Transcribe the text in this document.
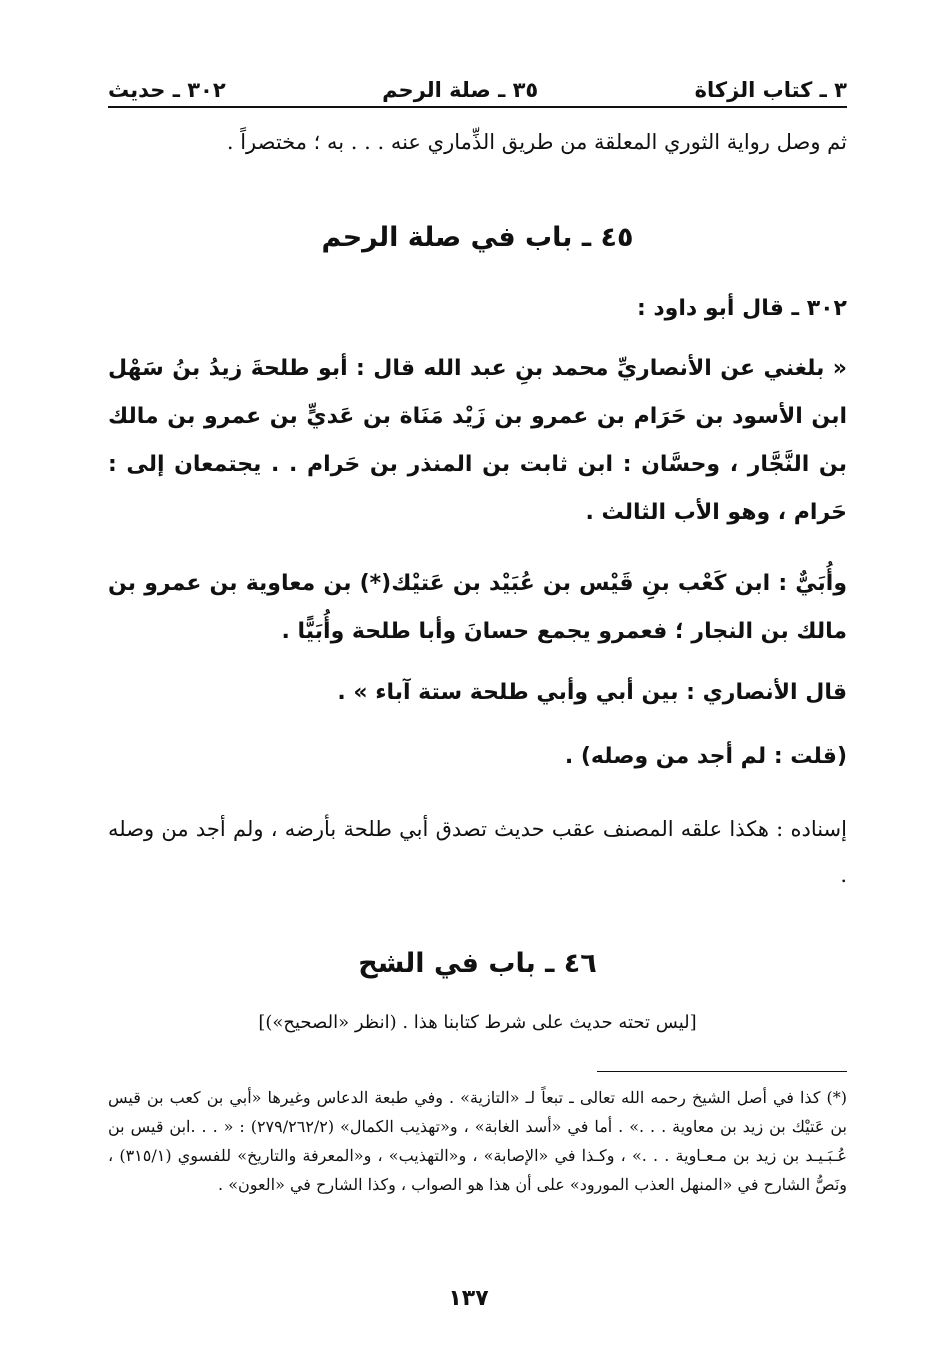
٣ ـ كتاب الزكاة
٣٥ ـ صلة الرحم
٣٠٢ ـ حديث
ثم وصل رواية الثوري المعلقة من طريق الذِّماري عنه . . . به ؛ مختصراً .
٤٥ ـ باب في صلة الرحم
٣٠٢ ـ قال أبو داود :
« بلغني عن الأنصاريِّ محمد بنِ عبد الله قال : أبو طلحةَ زيدُ بنُ سَهْل ابن الأسود بن حَرَام بن عمرو بن زَيْد مَنَاة بن عَديٍّ بن عمرو بن مالك بن النَّجَّار ، وحسَّان : ابن ثابت بن المنذر بن حَرام . . يجتمعان إلى : حَرام ، وهو الأب الثالث .
وأُبَيٌّ : ابن كَعْب بنِ قَيْس بن عُبَيْد بن عَتيْك(*) بن معاوية بن عمرو بن مالك بن النجار ؛ فعمرو يجمع حسانَ وأبا طلحة وأُبَيًّا .
قال الأنصاري : بين أبي وأبي طلحة ستة آباء » .
(قلت : لم أجد من وصله) .
إسناده : هكذا علقه المصنف عقب حديث تصدق أبي طلحة بأرضه ، ولم أجد من وصله .
٤٦ ـ باب في الشح
[ليس تحته حديث على شرط كتابنا هذا . (انظر «الصحيح»)]
(*) كذا في أصل الشيخ رحمه الله تعالى ـ تبعاً لـ «التازية» . وفي طبعة الدعاس وغيرها «أبي بن كعب بن قيس بن عَتيْك بن زيد بن معاوية . . .» . أما في «أسد الغابة» ، و«تهذيب الكمال» (٢٧٩/٢٦٢/٢) : « . . .ابن قيس بن عُـبَـيـد بن زيد بن مـعـاوية . . .» ، وكـذا في «الإصابة» ، و«التهذيب» ، و«المعرفة والتاريخ» للفسوي (٣١٥/١) ، ونَصُّ الشارح في «المنهل العذب المورود» على أن هذا هو الصواب ، وكذا الشارح في «العون» .
١٣٧
